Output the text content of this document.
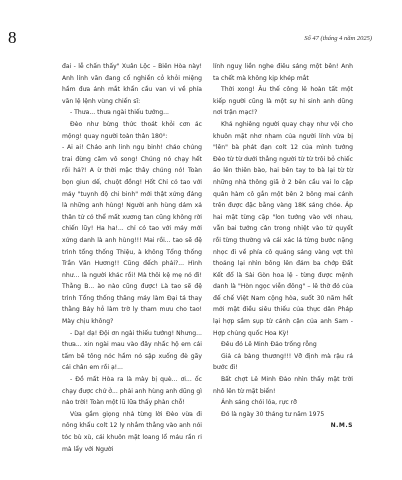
8	Số 47 (tháng 4 năm 2025)

đai - lễ chấn thấy" Xuân Lộc – Biên Hòa này! Anh lính văn đang cố nghiền cỏ khỏi miệng hầm đưa ánh mắt khẩn cầu van vỉ về phía văn lệ lệnh vùng chiến sĩ:

- Thưa... thưa ngài thiếu tướng...

Đèo như bừng thức thoát khỏi cơn ác mộng! quay người toàn thân 180⁰:

- Ai ai! Cháo anh linh ngụ binh! cháo chúng trai đừng căm vô song! Chúng nó chạy hết rồi hả?! A ừ thời mặc thây chúng nó! Toàn bọn giun dế, chuột đồng! Hốt Chỉ có tao với máy "tuynh độ chi binh" mới thật xứng đáng là những anh hùng! Người anh hùng dám xả thân tử có thể mất xương tan cũng không rời chiến lũy! Ha ha!... chỉ có tao với máy mới xứng danh là anh hùng!!! Mai rồi... tao sẽ đệ trình tổng thống Thiệu, à không Tổng thống Trần Văn Hương!! Cũng đếch phải?... Hình như... là người khác rồi! Mà thôi kệ mẹ nó đi! Thằng B... ào nào cũng được! Là tao sẽ đệ trình Tổng thống thăng máy làm Đại tá thay thằng Bảy hỏ làm trờ ly tham mưu cho tao! Mày chịu không?

- Dạ! dạ! Đội ơn ngài thiếu tướng! Nhưng... thưa... xin ngài mau vào đây nhấc hộ em cái tấm bê tông nóc hầm nó sập xuống đè gãy cái chân em rồi ạ!...

- Đồ mất Hòa ra là mày bị què... ơi... ốc chạy được chứ ở... phải anh hùng anh dũng gì nào trời! Toàn một lũ lữa thấy phàn chỗ!

Vừa gầm giọng nhả từng lời Đèo vừa đi nông khẩu colt 12 ly nhắm thẳng vào anh nói tóc bù xù, cái khuôn mặt loang lổ máu rần ri mà lẩy với Người

lính nguỵ liền nghe điêu sáng một bên! Anh ta chết mà không kịp khép mắt

Thời xong! Âu thế công lê hoàn tất một kiếp người cũng là một sự hi sinh anh dũng nơi trận mạc!?

Khả nghiêng người quay chạy như vội cho khuôn mặt nhơ nham của người lính vừa bị "lên" bà phát đạn colt 12 của mình tướng Đèo từ từ dưới thẳng người từ từ trôi bỏ chiếc áo lên thiên bào, hai bên tay to bà lại từ từ những nhà thông giã ở 2 bên cầu vai lo cặp quân hàm cô gắn một bên 2 bông mai cánh trên được đặc bằng vàng 18K sáng chóe. Áp hai mặt từng cặp "lon tướng vào với nhau, vẫn bai tướng cân trong nhiệt vào tử quyết rồi từng thường và cái xác lá từng bước nặng nhọc đi về phía cô quảng sáng vàng vợt thì thoảng lại nhìn bông lên đám ba chớp Đất Kết đổ là Sài Gòn hoa lệ - từng được mệnh danh là "Hòn ngọc viễn đông" – lê thờ đó của đế chế Việt Nam cộng hòa, suốt 30 năm hết mới mặt điều siêu thiếu của thực dân Pháp lại hợp sầm sụp từ cánh cận của anh Sam - Hợp chủng quốc Hoa Kỳ!

Đêu đó Lê Minh Đảo trống rỗng

Giả cả bàng thương!!! Vỡ định mà rậu rá bước đi!

Bất chợt Lê Minh Đảo nhìn thấy mặt trời nhô lên từ mặt biển!

Ánh sáng chói lóa, rực rỡ

Đó là ngày 30 tháng tư năm 1975

N.M.S
